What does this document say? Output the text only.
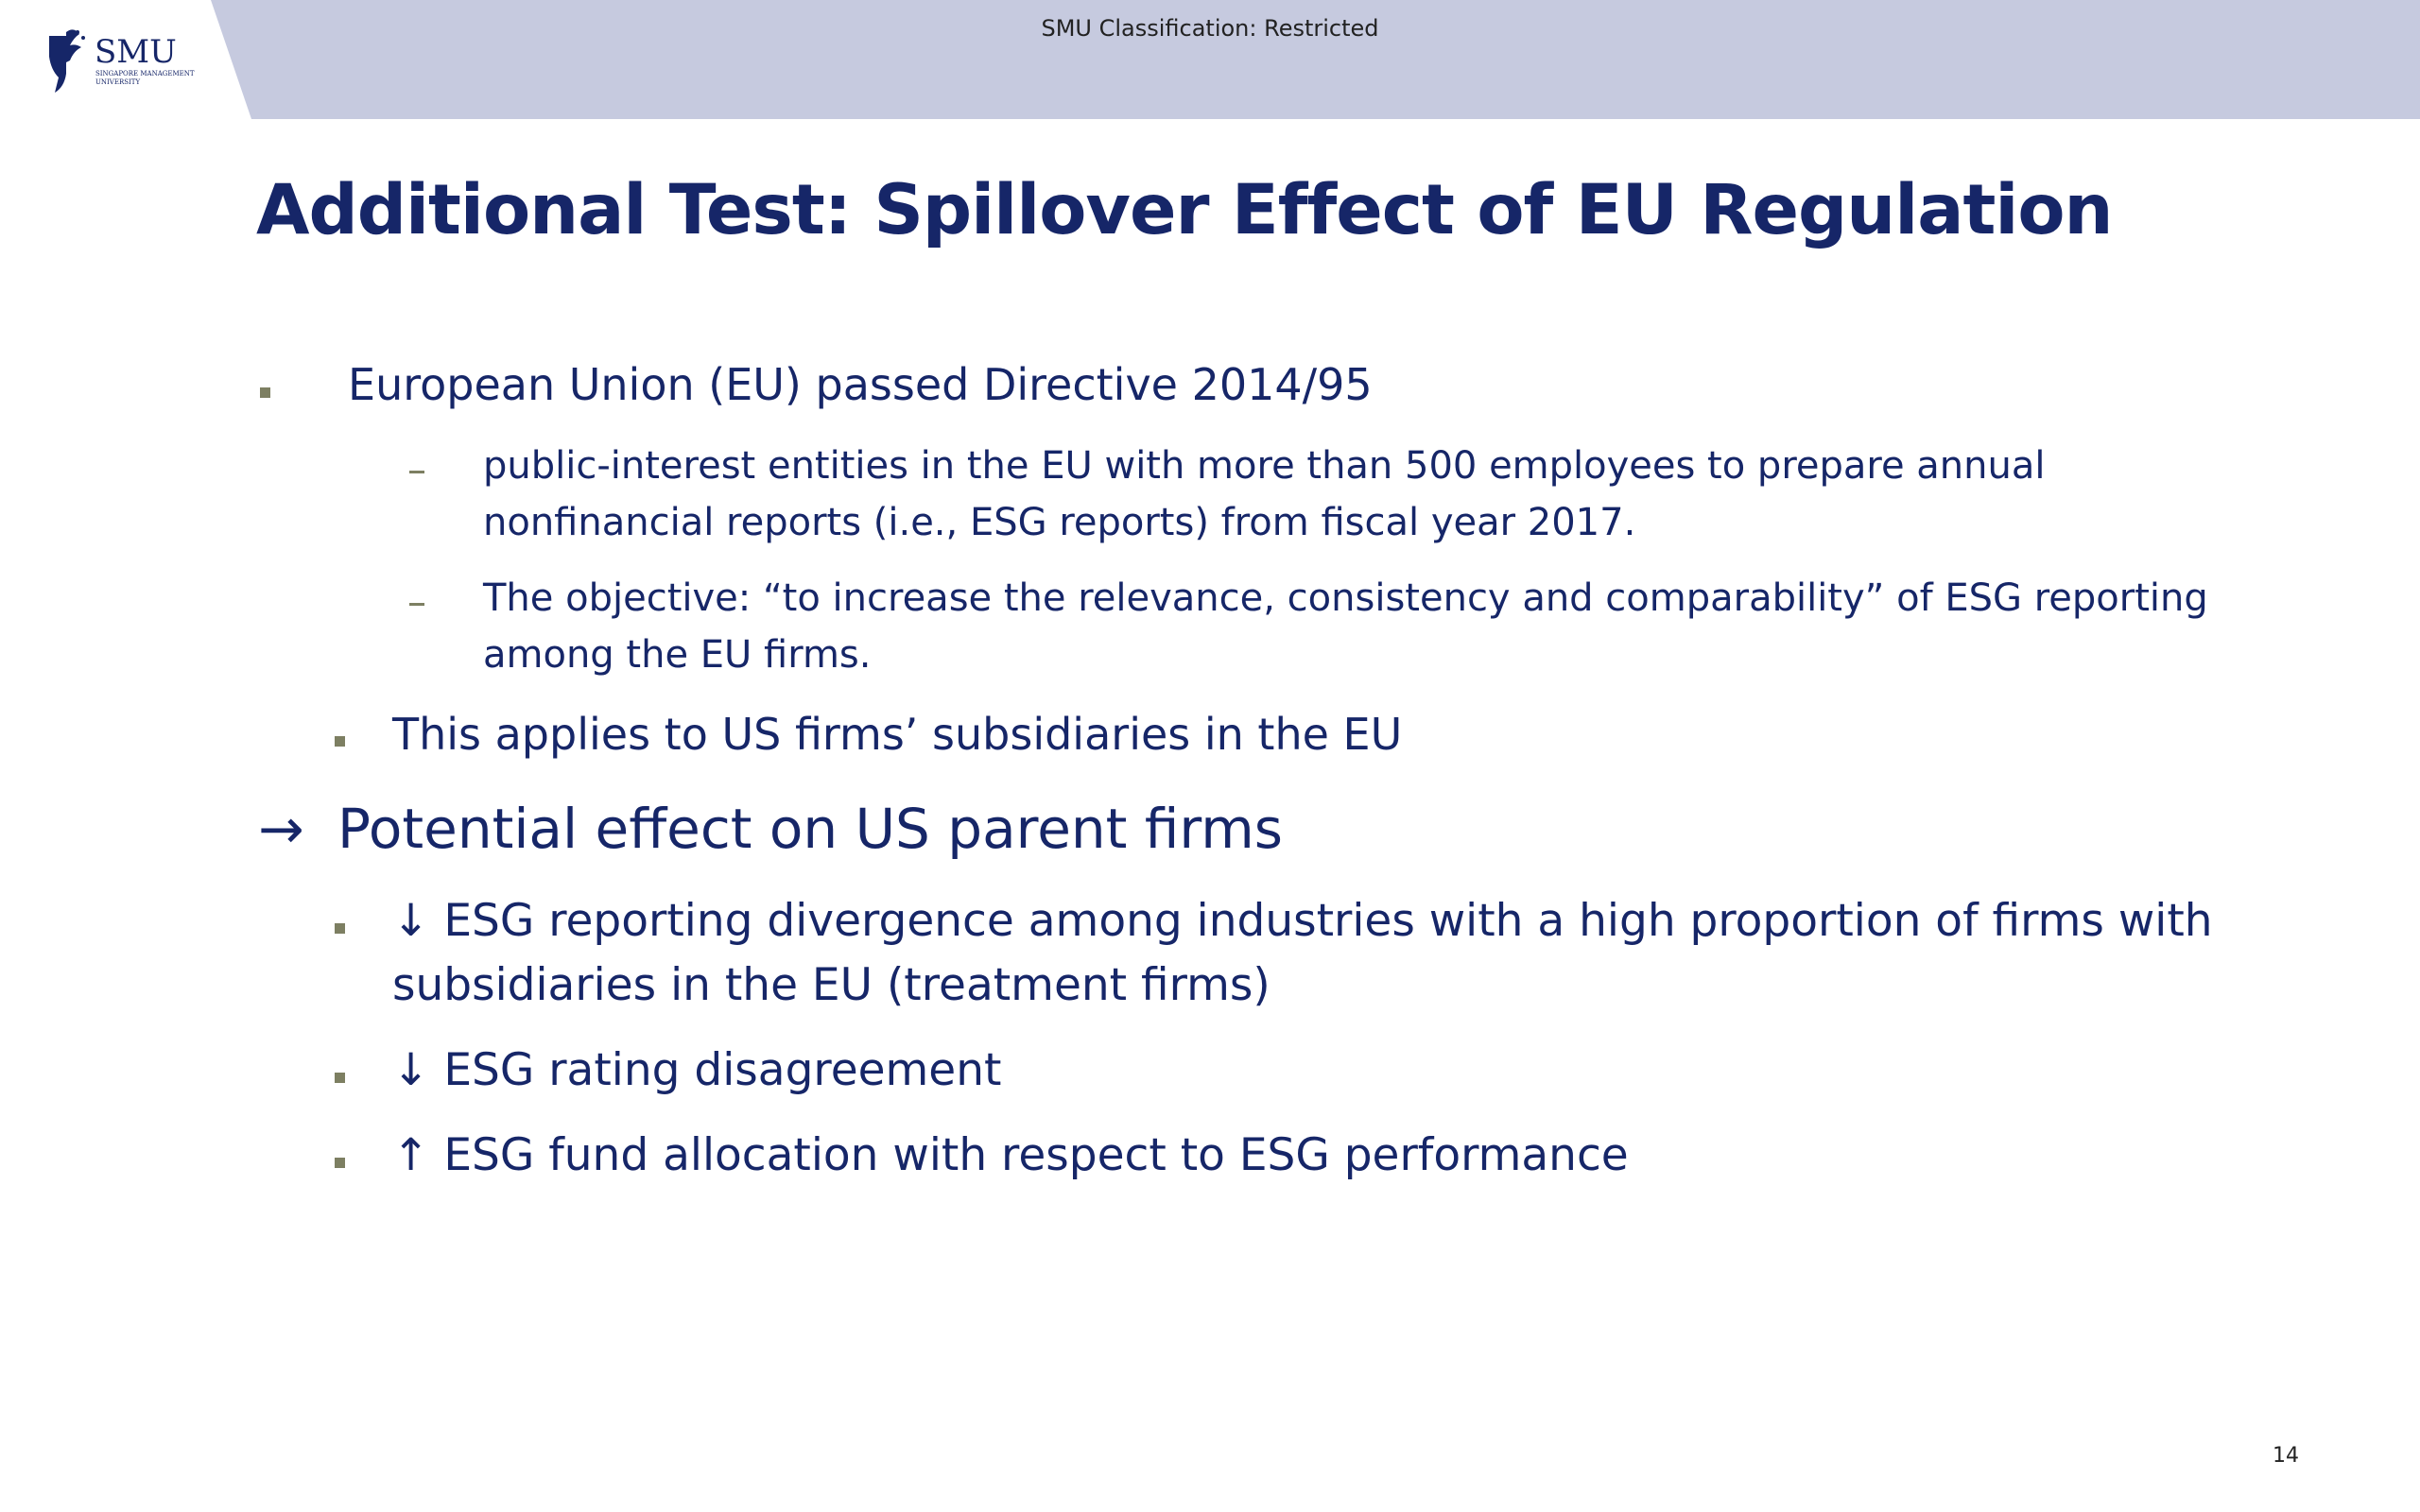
SMU Classification: Restricted
SMU
SINGAPORE MANAGEMENT
UNIVERSITY
Additional Test: Spillover Effect of EU Regulation
European Union (EU) passed Directive 2014/95
public-interest entities in the EU with more than 500 employees to prepare annual
nonfinancial reports (i.e., ESG reports) from fiscal year 2017.
The objective: “to increase the relevance, consistency and comparability” of ESG reporting
among the EU firms.
This applies to US firms’ subsidiaries in the EU
→ Potential effect on US parent firms
↓ ESG reporting divergence among industries with a high proportion of firms with
subsidiaries in the EU (treatment firms)
↓ ESG rating disagreement
↑ ESG fund allocation with respect to ESG performance
14
